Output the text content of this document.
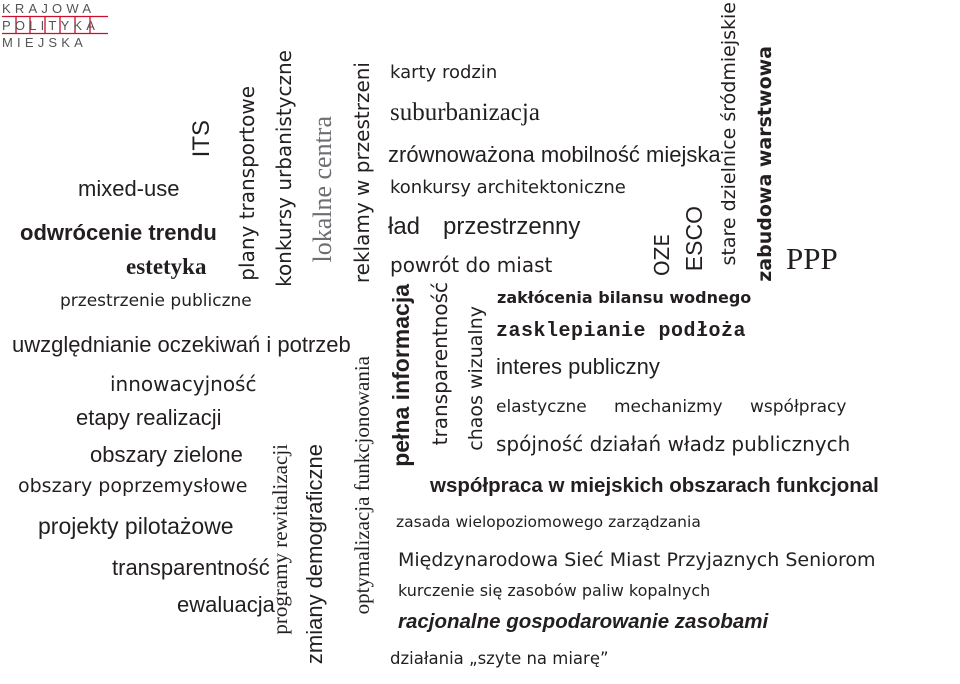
KRAJOWA
POLITYKA
MIEJSKA
mixed-use
odwrócenie trendu
estetyka
przestrzenie publiczne
uwzględnianie oczekiwań i potrzeb
innowacyjność
etapy realizacji
obszary zielone
obszary poprzemysłowe
projekty pilotażowe
transparentność
ewaluacja
ITS plany transportowe konkursy urbanistyczne lokalne centra reklamy w przestrzeni
programy rewitalizacji zmiany demograficzne optymalizacja funkcjonowania pełna informacja transparentność chaos wizualny
OZE ESCO stare dzielnice śródmiejskie zabudowa warstwowa
karty rodzin
suburbanizacja
zrównoważona mobilność miejska
konkursy architektoniczne
ład przestrzenny
powrót do miast	PPP
zakłócenia bilansu wodnego
zasklepianie podłoża
interes publiczny
elastyczne mechanizmy współpracy
spójność działań władz publicznych
współpraca w miejskich obszarach funkcjonal
zasada wielopoziomowego zarządzania
Międzynarodowa Sieć Miast Przyjaznych Seniorom
kurczenie się zasobów paliw kopalnych
racjonalne gospodarowanie zasobami
działania „szyte na miarę”
